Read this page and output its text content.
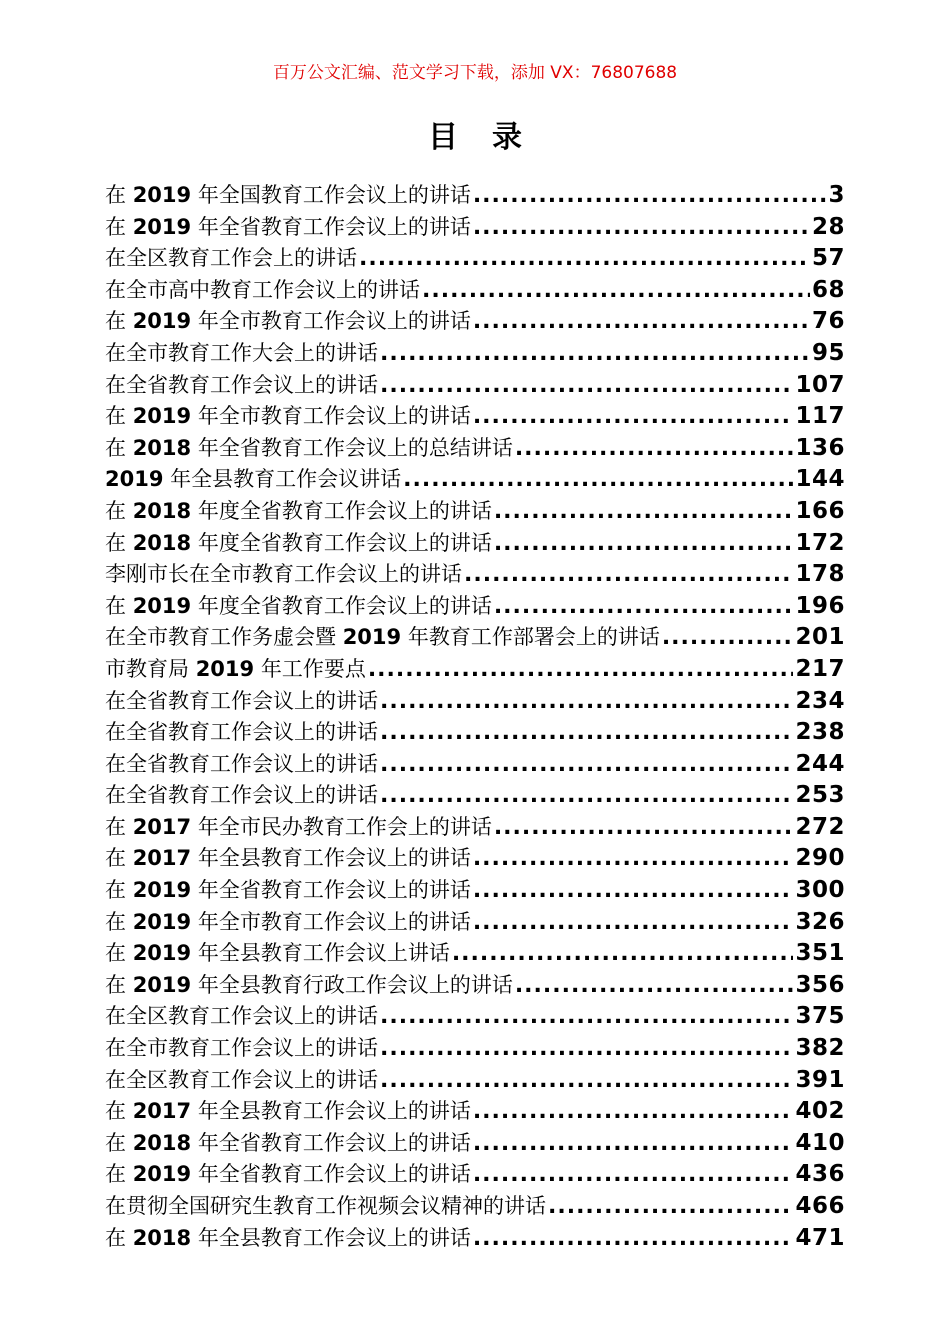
百万公文汇编、范文学习下载，添加 VX：76807688
目录
在 2019 年全国教育工作会议上的讲话 .....	3
在 2019 年全省教育工作会议上的讲话 .....	28
在全区教育工作会上的讲话 .....	57
在全市高中教育工作会议上的讲话 .....	68
在 2019 年全市教育工作会议上的讲话 .....	76
在全市教育工作大会上的讲话 .....	95
在全省教育工作会议上的讲话 .....	107
在 2019 年全市教育工作会议上的讲话 .....	117
在 2018 年全省教育工作会议上的总结讲话 .....	136
2019 年全县教育工作会议讲话 .....	144
在 2018 年度全省教育工作会议上的讲话 .....	166
在 2018 年度全省教育工作会议上的讲话 .....	172
李刚市长在全市教育工作会议上的讲话 .....	178
在 2019 年度全省教育工作会议上的讲话 .....	196
在全市教育工作务虚会暨 2019 年教育工作部署会上的讲话 .....	201
市教育局 2019 年工作要点 .....	217
在全省教育工作会议上的讲话 .....	234
在全省教育工作会议上的讲话 .....	238
在全省教育工作会议上的讲话 .....	244
在全省教育工作会议上的讲话 .....	253
在 2017 年全市民办教育工作会上的讲话 .....	272
在 2017 年全县教育工作会议上的讲话 .....	290
在 2019 年全省教育工作会议上的讲话 .....	300
在 2019 年全市教育工作会议上的讲话 .....	326
在 2019 年全县教育工作会议上讲话 .....	351
在 2019 年全县教育行政工作会议上的讲话 .....	356
在全区教育工作会议上的讲话 .....	375
在全市教育工作会议上的讲话 .....	382
在全区教育工作会议上的讲话 .....	391
在 2017 年全县教育工作会议上的讲话 .....	402
在 2018 年全省教育工作会议上的讲话 .....	410
在 2019 年全省教育工作会议上的讲话 .....	436
在贯彻全国研究生教育工作视频会议精神的讲话 .....	466
在 2018 年全县教育工作会议上的讲话 .....	471
